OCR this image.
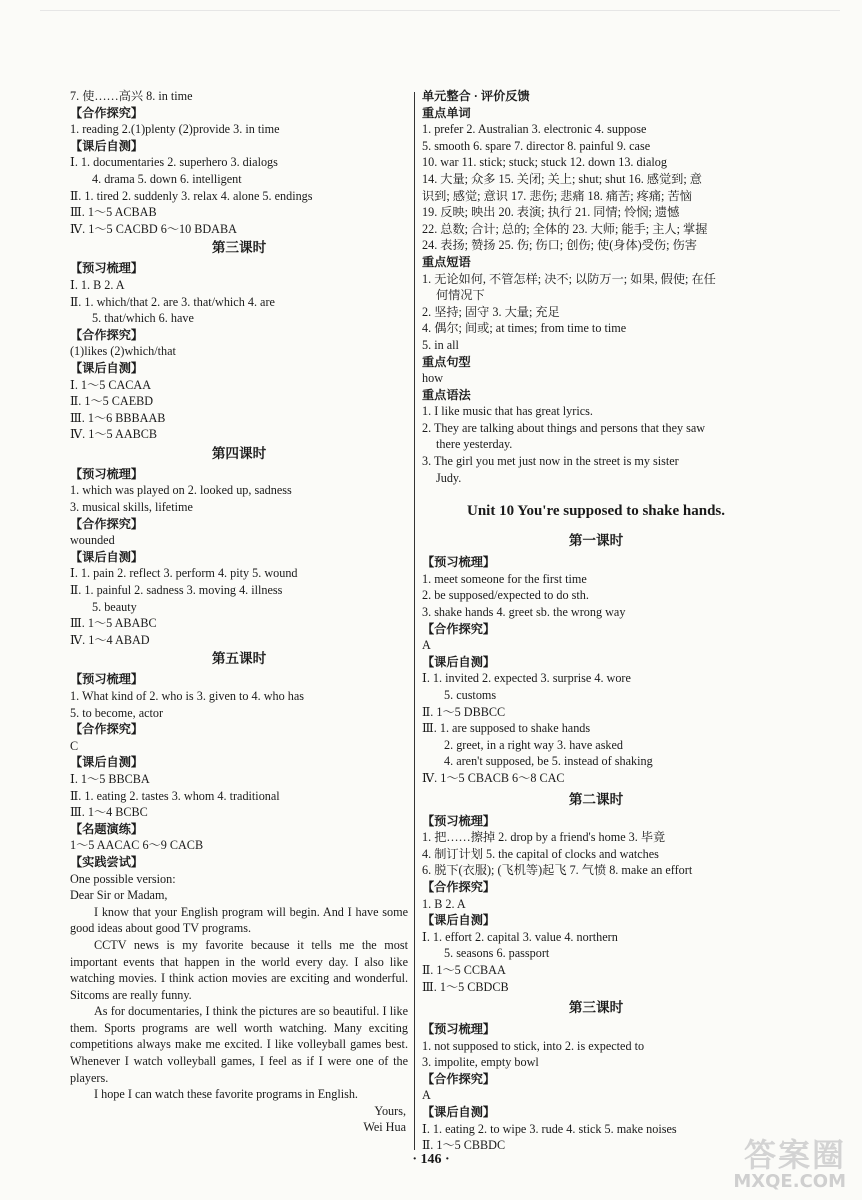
7. 使……高兴 8. in time
【合作探究】
1. reading 2.(1)plenty (2)provide 3. in time
【课后自测】
Ⅰ. 1. documentaries 2. superhero 3. dialogs
4. drama 5. down 6. intelligent
Ⅱ. 1. tired 2. suddenly 3. relax 4. alone 5. endings
Ⅲ. 1～5 ACBAB
Ⅳ. 1～5 CACBD 6～10 BDABA
第三课时
【预习梳理】
Ⅰ. 1. B 2. A
Ⅱ. 1. which/that 2. are 3. that/which 4. are
5. that/which 6. have
【合作探究】
(1)likes (2)which/that
【课后自测】
Ⅰ. 1～5 CACAA
Ⅱ. 1～5 CAEBD
Ⅲ. 1～6 BBBAAB
Ⅳ. 1～5 AABCB
第四课时
【预习梳理】
1. which was played on 2. looked up, sadness
3. musical skills, lifetime
【合作探究】
wounded
【课后自测】
Ⅰ. 1. pain 2. reflect 3. perform 4. pity 5. wound
Ⅱ. 1. painful 2. sadness 3. moving 4. illness
5. beauty
Ⅲ. 1～5 ABABC
Ⅳ. 1～4 ABAD
第五课时
【预习梳理】
1. What kind of 2. who is 3. given to 4. who has
5. to become, actor
【合作探究】
C
【课后自测】
Ⅰ. 1～5 BBCBA
Ⅱ. 1. eating 2. tastes 3. whom 4. traditional
Ⅲ. 1～4 BCBC
【名题演练】
1～5 AACAC 6～9 CACB
【实践尝试】
One possible version:
Dear Sir or Madam,
I know that your English program will begin. And I have some good ideas about good TV programs.
CCTV news is my favorite because it tells me the most important events that happen in the world every day. I also like watching movies. I think action movies are exciting and wonderful. Sitcoms are really funny.
As for documentaries, I think the pictures are so beautiful. I like them. Sports programs are well worth watching. Many exciting competitions always make me excited. I like volleyball games best. Whenever I watch volleyball games, I feel as if I were one of the players.
I hope I can watch these favorite programs in English.
Yours,
Wei Hua
单元整合 · 评价反馈
重点单词
1. prefer 2. Australian 3. electronic 4. suppose
5. smooth 6. spare 7. director 8. painful 9. case
10. war 11. stick; stuck; stuck 12. down 13. dialog
14. 大量; 众多 15. 关闭; 关上; shut; shut 16. 感觉到; 意
识到; 感觉; 意识 17. 悲伤; 悲痛 18. 痛苦; 疼痛; 苦恼
19. 反映; 映出 20. 表演; 执行 21. 同情; 怜悯; 遗憾
22. 总数; 合计; 总的; 全体的 23. 大师; 能手; 主人; 掌握
24. 表扬; 赞扬 25. 伤; 伤口; 创伤; 使(身体)受伤; 伤害
重点短语
1. 无论如何, 不管怎样; 决不; 以防万一; 如果, 假使; 在任
何情况下
2. 坚持; 固守 3. 大量; 充足
4. 偶尔; 间或; at times; from time to time
5. in all
重点句型
how
重点语法
1. I like music that has great lyrics.
2. They are talking about things and persons that they saw
there yesterday.
3. The girl you met just now in the street is my sister
Judy.
Unit 10 You're supposed to shake hands.
第一课时
【预习梳理】
1. meet someone for the first time
2. be supposed/expected to do sth.
3. shake hands 4. greet sb. the wrong way
【合作探究】
A
【课后自测】
Ⅰ. 1. invited 2. expected 3. surprise 4. wore
5. customs
Ⅱ. 1～5 DBBCC
Ⅲ. 1. are supposed to shake hands
2. greet, in a right way 3. have asked
4. aren't supposed, be 5. instead of shaking
Ⅳ. 1～5 CBACB 6～8 CAC
第二课时
【预习梳理】
1. 把……擦掉 2. drop by a friend's home 3. 毕竟
4. 制订计划 5. the capital of clocks and watches
6. 脱下(衣服); (飞机等)起飞 7. 气愤 8. make an effort
【合作探究】
1. B 2. A
【课后自测】
Ⅰ. 1. effort 2. capital 3. value 4. northern
5. seasons 6. passport
Ⅱ. 1～5 CCBAA
Ⅲ. 1～5 CBDCB
第三课时
【预习梳理】
1. not supposed to stick, into 2. is expected to
3. impolite, empty bowl
【合作探究】
A
【课后自测】
Ⅰ. 1. eating 2. to wipe 3. rude 4. stick 5. make noises
Ⅱ. 1～5 CBBDC
· 146 ·	答案圈
MXQE.COM
